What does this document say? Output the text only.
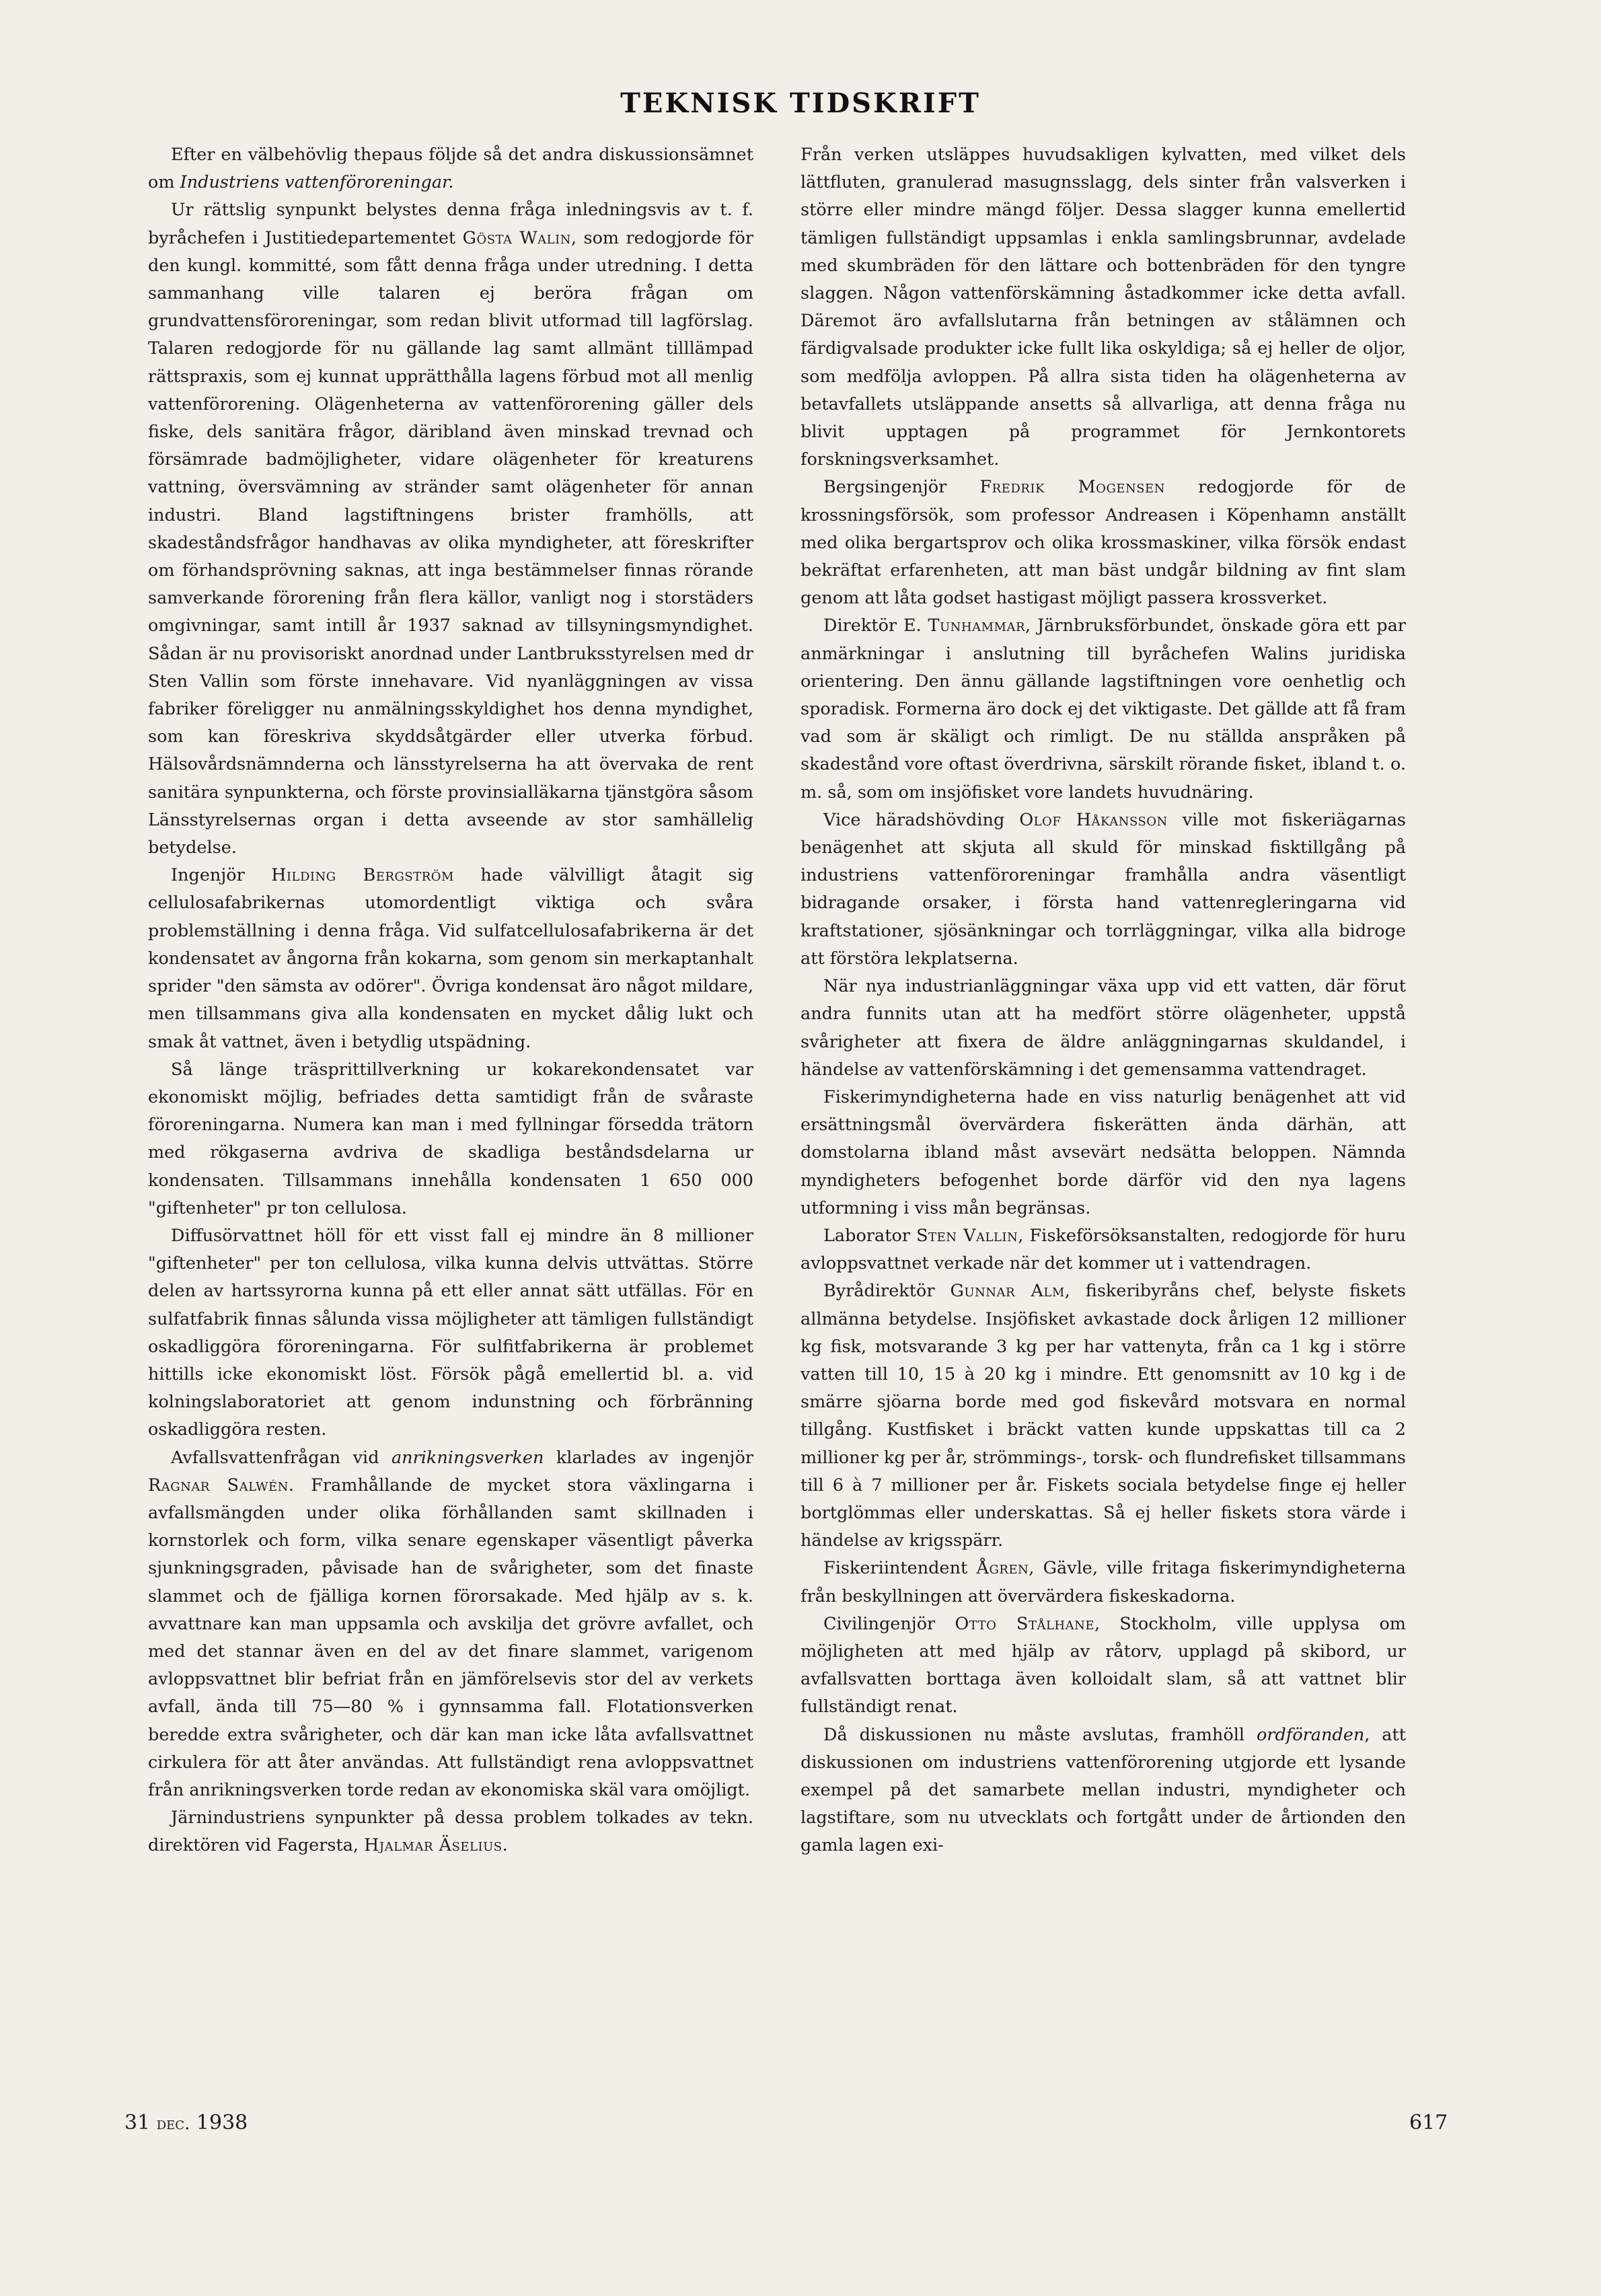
TEKNISK TIDSKRIFT

Efter en välbehövlig thepaus följde så det andra diskussionsämnet om Industriens vattenföroreningar.

Ur rättslig synpunkt belystes denna fråga inledningsvis av t. f. byråchefen i Justitiedepartementet Gösta Walin, som redogjorde för den kungl. kommitté, som fått denna fråga under utredning. I detta sammanhang ville talaren ej beröra frågan om grundvattensföroreningar, som redan blivit utformad till lagförslag. Talaren redogjorde för nu gällande lag samt allmänt tilllämpad rättspraxis, som ej kunnat upprätthålla lagens förbud mot all menlig vattenförorening. Olägenheterna av vattenförorening gäller dels fiske, dels sanitära frågor, däribland även minskad trevnad och försämrade badmöjligheter, vidare olägenheter för kreaturens vattning, översvämning av stränder samt olägenheter för annan industri. Bland lagstiftningens brister framhölls, att skadeståndsfrågor handhavas av olika myndigheter, att föreskrifter om förhandsprövning saknas, att inga bestämmelser finnas rörande samverkande förorening från flera källor, vanligt nog i storstäders omgivningar, samt intill år 1937 saknad av tillsyningsmyndighet. Sådan är nu provisoriskt anordnad under Lantbruksstyrelsen med dr Sten Vallin som förste innehavare. Vid nyanläggningen av vissa fabriker föreligger nu anmälningsskyldighet hos denna myndighet, som kan föreskriva skyddsåtgärder eller utverka förbud. Hälsovårdsnämnderna och länsstyrelserna ha att övervaka de rent sanitära synpunkterna, och förste provinsialläkarna tjänstgöra såsom Länsstyrelsernas organ i detta avseende av stor samhällelig betydelse.

Ingenjör Hilding Bergström hade välvilligt åtagit sig cellulosafabrikernas utomordentligt viktiga och svåra problemställning i denna fråga. Vid sulfatcellulosafabrikerna är det kondensatet av ångorna från kokarna, som genom sin merkaptanhalt sprider "den sämsta av odörer". Övriga kondensat äro något mildare, men tillsammans giva alla kondensaten en mycket dålig lukt och smak åt vattnet, även i betydlig utspädning.

Så länge träsprittillverkning ur kokarekondensatet var ekonomiskt möjlig, befriades detta samtidigt från de svåraste föroreningarna. Numera kan man i med fyllningar försedda trätorn med rökgaserna avdriva de skadliga beståndsdelarna ur kondensaten. Tillsammans innehålla kondensaten 1 650 000 "giftenheter" pr ton cellulosa.

Diffusörvattnet höll för ett visst fall ej mindre än 8 millioner "giftenheter" per ton cellulosa, vilka kunna delvis uttvättas. Större delen av hartssyrorna kunna på ett eller annat sätt utfällas. För en sulfatfabrik finnas sålunda vissa möjligheter att tämligen fullständigt oskadliggöra föroreningarna. För sulfitfabrikerna är problemet hittills icke ekonomiskt löst. Försök pågå emellertid bl. a. vid kolningslaboratoriet att genom indunstning och förbränning oskadliggöra resten.

Avfallsvattenfrågan vid anrikningsverken klarlades av ingenjör Ragnar Salwén. Framhållande de mycket stora växlingarna i avfallsmängden under olika förhållanden samt skillnaden i kornstorlek och form, vilka senare egenskaper väsentligt påverka sjunkningsgraden, påvisade han de svårigheter, som det finaste slammet och de fjälliga kornen förorsakade. Med hjälp av s. k. avvattnare kan man uppsamla och avskilja det grövre avfallet, och med det stannar även en del av det finare slammet, varigenom avloppsvattnet blir befriat från en jämförelsevis stor del av verkets avfall, ända till 75—80 % i gynnsamma fall. Flotationsverken beredde extra svårigheter, och där kan man icke låta avfallsvattnet cirkulera för att åter användas. Att fullständigt rena avloppsvattnet från anrikningsverken torde redan av ekonomiska skäl vara omöjligt.

Järnindustriens synpunkter på dessa problem tolkades av tekn. direktören vid Fagersta, Hjalmar Äselius.

Från verken utsläppes huvudsakligen kylvatten, med vilket dels lättfluten, granulerad masugnsslagg, dels sinter från valsverken i större eller mindre mängd följer. Dessa slagger kunna emellertid tämligen fullständigt uppsamlas i enkla samlingsbrunnar, avdelade med skumbräden för den lättare och bottenbräden för den tyngre slaggen. Någon vattenförskämning åstadkommer icke detta avfall. Däremot äro avfallslutarna från betningen av stålämnen och färdigvalsade produkter icke fullt lika oskyldiga; så ej heller de oljor, som medfölja avloppen. På allra sista tiden ha olägenheterna av betavfallets utsläppande ansetts så allvarliga, att denna fråga nu blivit upptagen på programmet för Jernkontorets forskningsverksamhet.

Bergsingenjör Fredrik Mogensen redogjorde för de krossningsförsök, som professor Andreasen i Köpenhamn anställt med olika bergartsprov och olika krossmaskiner, vilka försök endast bekräftat erfarenheten, att man bäst undgår bildning av fint slam genom att låta godset hastigast möjligt passera krossverket.

Direktör E. Tunhammar, Järnbruksförbundet, önskade göra ett par anmärkningar i anslutning till byråchefen Walins juridiska orientering. Den ännu gällande lagstiftningen vore oenhetlig och sporadisk. Formerna äro dock ej det viktigaste. Det gällde att få fram vad som är skäligt och rimligt. De nu ställda anspråken på skadestånd vore oftast överdrivna, särskilt rörande fisket, ibland t. o. m. så, som om insjöfisket vore landets huvudnäring.

Vice häradshövding Olof Håkansson ville mot fiskeriägarnas benägenhet att skjuta all skuld för minskad fisktillgång på industriens vattenföroreningar framhålla andra väsentligt bidragande orsaker, i första hand vattenregleringarna vid kraftstationer, sjösänkningar och torrläggningar, vilka alla bidroge att förstöra lekplatserna.

När nya industrianläggningar växa upp vid ett vatten, där förut andra funnits utan att ha medfört större olägenheter, uppstå svårigheter att fixera de äldre anläggningarnas skuldandel, i händelse av vattenförskämning i det gemensamma vattendraget.

Fiskerimyndigheterna hade en viss naturlig benägenhet att vid ersättningsmål övervärdera fiskerätten ända därhän, att domstolarna ibland måst avsevärt nedsätta beloppen. Nämnda myndigheters befogenhet borde därför vid den nya lagens utformning i viss mån begränsas.

Laborator Sten Vallin, Fiskeförsöksanstalten, redogjorde för huru avloppsvattnet verkade när det kommer ut i vattendragen.

Byrådirektör Gunnar Alm, fiskeribyråns chef, belyste fiskets allmänna betydelse. Insjöfisket avkastade dock årligen 12 millioner kg fisk, motsvarande 3 kg per har vattenyta, från ca 1 kg i större vatten till 10, 15 à 20 kg i mindre. Ett genomsnitt av 10 kg i de smärre sjöarna borde med god fiskevård motsvara en normal tillgång. Kustfisket i bräckt vatten kunde uppskattas till ca 2 millioner kg per år, strömmings-, torsk- och flundrefisket tillsammans till 6 à 7 millioner per år. Fiskets sociala betydelse finge ej heller bortglömmas eller underskattas. Så ej heller fiskets stora värde i händelse av krigsspärr.

Fiskeriintendent Ågren, Gävle, ville fritaga fiskerimyndigheterna från beskyllningen att övervärdera fiskeskadorna.

Civilingenjör Otto Stålhane, Stockholm, ville upplysa om möjligheten att med hjälp av råtorv, upplagd på skibord, ur avfallsvatten borttaga även kolloidalt slam, så att vattnet blir fullständigt renat.

Då diskussionen nu måste avslutas, framhöll ordföranden, att diskussionen om industriens vattenförorening utgjorde ett lysande exempel på det samarbete mellan industri, myndigheter och lagstiftare, som nu utvecklats och fortgått under de årtionden den gamla lagen exi-

31 dec. 1938	617
